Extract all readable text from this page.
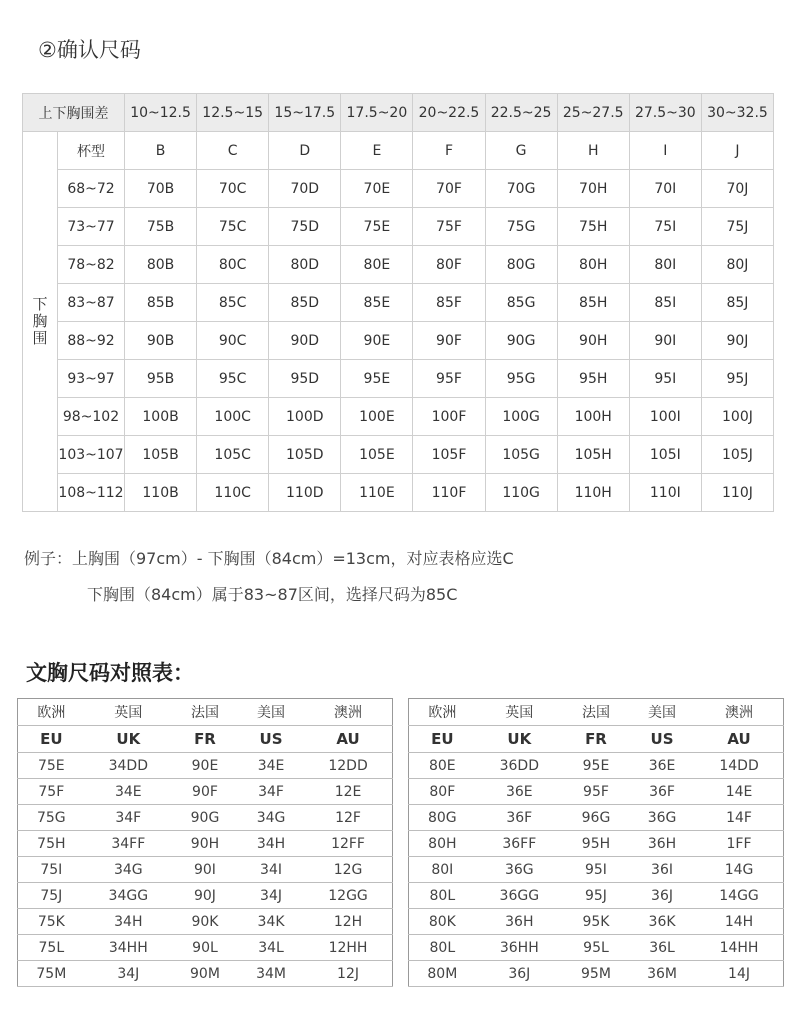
②确认尺码
上下胸围差		10~12.5	12.5~15	15~17.5	17.5~20	20~22.5	22.5~25	25~27.5	27.5~30	30~32.5
下胸围	杯型	B	C	D	E	F	G	H	I	J
	68~72	70B	70C	70D	70E	70F	70G	70H	70I	70J
	73~77	75B	75C	75D	75E	75F	75G	75H	75I	75J
	78~82	80B	80C	80D	80E	80F	80G	80H	80I	80J
	83~87	85B	85C	85D	85E	85F	85G	85H	85I	85J
	88~92	90B	90C	90D	90E	90F	90G	90H	90I	90J
	93~97	95B	95C	95D	95E	95F	95G	95H	95I	95J
	98~102	100B	100C	100D	100E	100F	100G	100H	100I	100J
	103~107	105B	105C	105D	105E	105F	105G	105H	105I	105J
	108~112	110B	110C	110D	110E	110F	110G	110H	110I	110J
例子：上胸围（97cm）- 下胸围（84cm）=13cm，对应表格应选C
下胸围（84cm）属于83~87区间，选择尺码为85C
文胸尺码对照表：
欧洲	英国	法国	美国	澳洲
EU	UK	FR	US	AU
75E	34DD	90E	34E	12DD
75F	34E	90F	34F	12E
75G	34F	90G	34G	12F
75H	34FF	90H	34H	12FF
75I	34G	90I	34I	12G
75J	34GG	90J	34J	12GG
75K	34H	90K	34K	12H
75L	34HH	90L	34L	12HH
75M	34J	90M	34M	12J
欧洲	英国	法国	美国	澳洲
EU	UK	FR	US	AU
80E	36DD	95E	36E	14DD
80F	36E	95F	36F	14E
80G	36F	96G	36G	14F
80H	36FF	95H	36H	1FF
80I	36G	95I	36I	14G
80L	36GG	95J	36J	14GG
80K	36H	95K	36K	14H
80L	36HH	95L	36L	14HH
80M	36J	95M	36M	14J
